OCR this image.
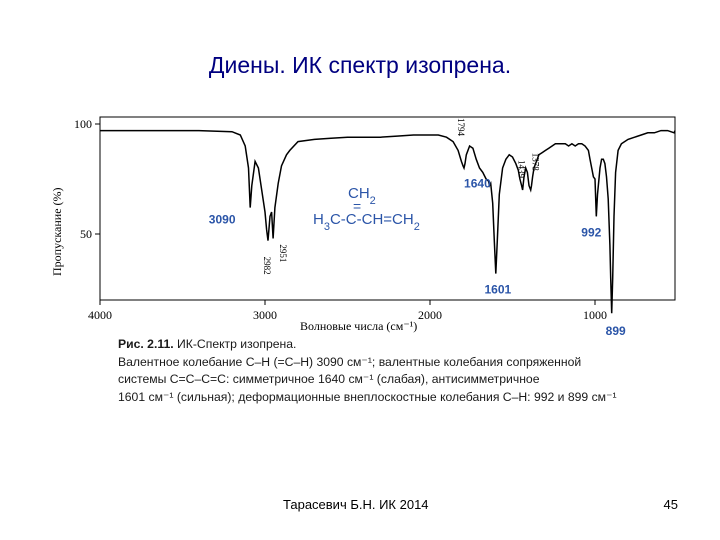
Диены. ИК спектр изопрена.
4000	3000	2000	1000
100
50
3090
2982
2951
1794
1640
1601
1439 1378
992
899
Волновые числа (см⁻¹)
Пропускание (%)	$CH_2$
=
$H_3C-C-CH=CH_2$
Рис. 2.11. ИК-Спектр изопрена.
Валентное колебание C–H (=C–H) 3090 см⁻¹; валентные колебания сопряженной
системы C=C–C=C: симметричное 1640 см⁻¹ (слабая), антисимметричное
1601 см⁻¹ (сильная); деформационные внеплоскостные колебания C–H: 992 и 899 см⁻¹
Тарасевич Б.Н. ИК 2014	45
